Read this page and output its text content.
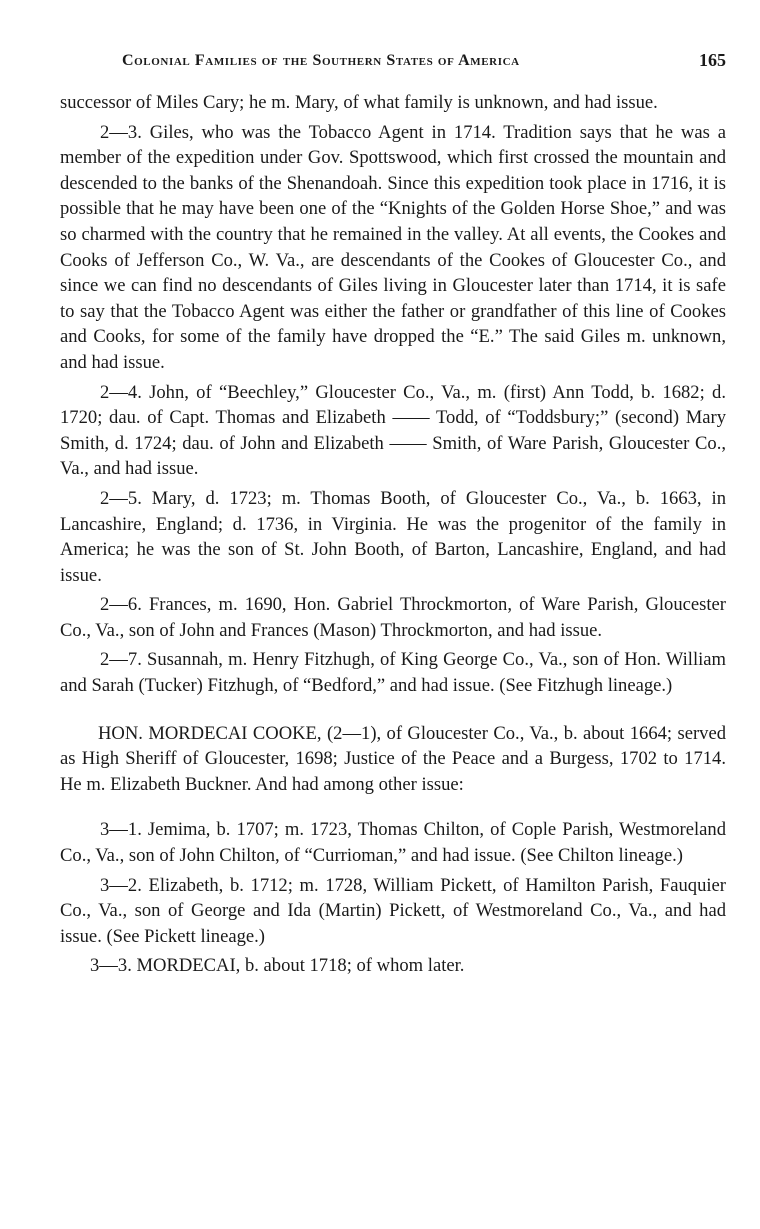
Colonial Families of the Southern States of America	165

successor of Miles Cary; he m. Mary, of what family is unknown, and had issue.

2—3. Giles, who was the Tobacco Agent in 1714. Tradition says that he was a member of the expedition under Gov. Spottswood, which first crossed the mountain and descended to the banks of the Shenandoah. Since this expedition took place in 1716, it is possible that he may have been one of the “Knights of the Golden Horse Shoe,” and was so charmed with the country that he remained in the valley. At all events, the Cookes and Cooks of Jefferson Co., W. Va., are descendants of the Cookes of Gloucester Co., and since we can find no descendants of Giles living in Gloucester later than 1714, it is safe to say that the Tobacco Agent was either the father or grandfather of this line of Cookes and Cooks, for some of the family have dropped the “E.” The said Giles m. unknown, and had issue.

2—4. John, of “Beechley,” Gloucester Co., Va., m. (first) Ann Todd, b. 1682; d. 1720; dau. of Capt. Thomas and Elizabeth —— Todd, of “Toddsbury;” (second) Mary Smith, d. 1724; dau. of John and Elizabeth —— Smith, of Ware Parish, Gloucester Co., Va., and had issue.

2—5. Mary, d. 1723; m. Thomas Booth, of Gloucester Co., Va., b. 1663, in Lancashire, England; d. 1736, in Virginia. He was the progenitor of the family in America; he was the son of St. John Booth, of Barton, Lancashire, England, and had issue.

2—6. Frances, m. 1690, Hon. Gabriel Throckmorton, of Ware Parish, Gloucester Co., Va., son of John and Frances (Mason) Throckmorton, and had issue.

2—7. Susannah, m. Henry Fitzhugh, of King George Co., Va., son of Hon. William and Sarah (Tucker) Fitzhugh, of “Bedford,” and had issue. (See Fitzhugh lineage.)

HON. MORDECAI COOKE, (2—1), of Gloucester Co., Va., b. about 1664; served as High Sheriff of Gloucester, 1698; Justice of the Peace and a Burgess, 1702 to 1714. He m. Elizabeth Buckner. And had among other issue:

3—1. Jemima, b. 1707; m. 1723, Thomas Chilton, of Cople Parish, Westmoreland Co., Va., son of John Chilton, of “Currioman,” and had issue. (See Chilton lineage.)

3—2. Elizabeth, b. 1712; m. 1728, William Pickett, of Hamilton Parish, Fauquier Co., Va., son of George and Ida (Martin) Pickett, of Westmoreland Co., Va., and had issue. (See Pickett lineage.)

3—3. MORDECAI, b. about 1718; of whom later.
